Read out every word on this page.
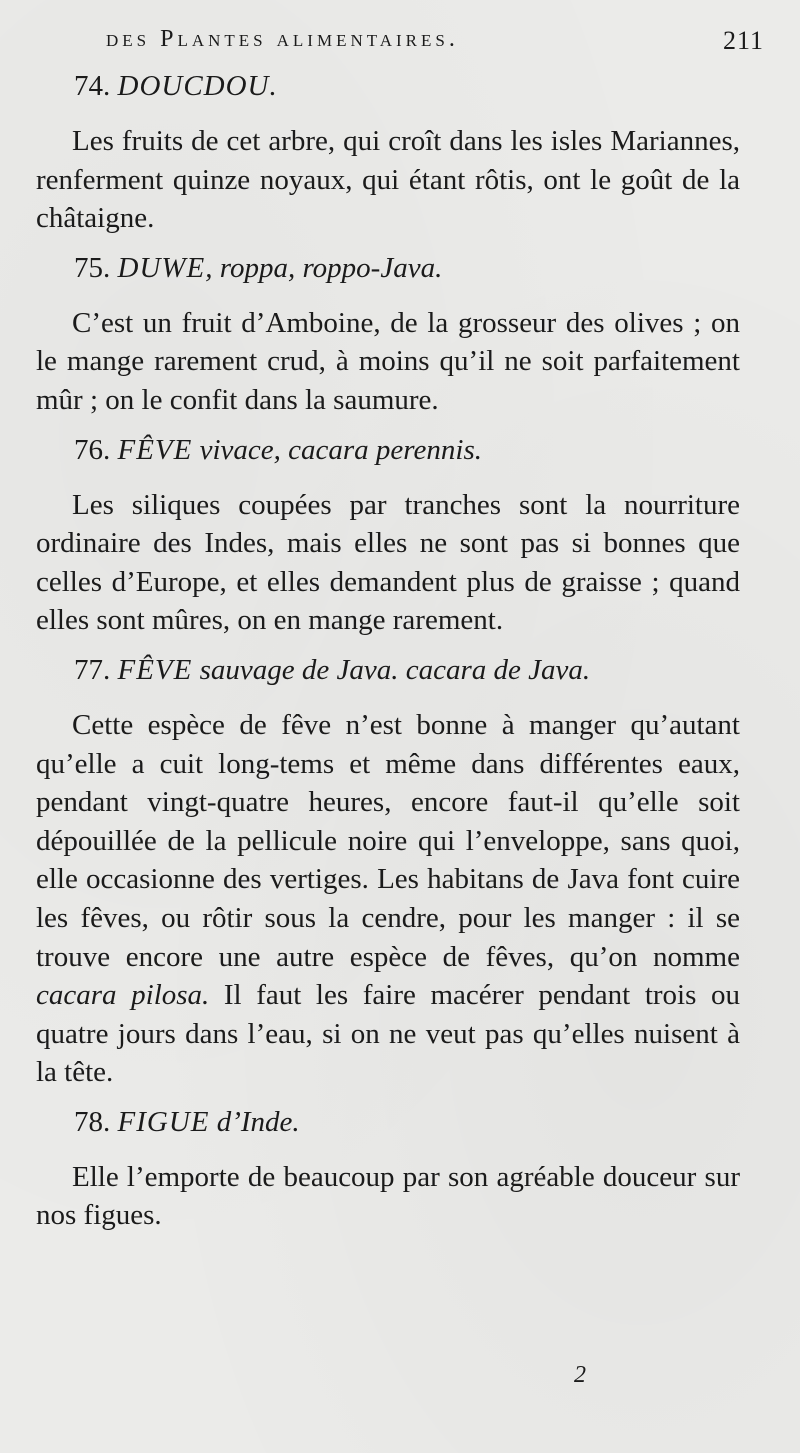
des Plantes alimentaires.	211
74. DOUCDOU.

Les fruits de cet arbre, qui croît dans les isles Mariannes, renferment quinze noyaux, qui étant rôtis, ont le goût de la châtaigne.

75. DUWE, roppa, roppo-Java.

C’est un fruit d’Amboine, de la grosseur des olives ; on le mange rarement crud, à moins qu’il ne soit parfaitement mûr ; on le confit dans la saumure.

76. FÊVE vivace, cacara perennis.

Les siliques coupées par tranches sont la nourriture ordinaire des Indes, mais elles ne sont pas si bonnes que celles d’Europe, et elles demandent plus de graisse ; quand elles sont mûres, on en mange rarement.

77. FÊVE sauvage de Java. cacara de Java.

Cette espèce de fêve n’est bonne à manger qu’autant qu’elle a cuit long-tems et même dans différentes eaux, pendant vingt-quatre heures, encore faut-il qu’elle soit dépouillée de la pellicule noire qui l’enveloppe, sans quoi, elle occasionne des vertiges. Les habitans de Java font cuire les fêves, ou rôtir sous la cendre, pour les manger : il se trouve encore une autre espèce de fêves, qu’on nomme cacara pilosa. Il faut les faire macérer pendant trois ou quatre jours dans l’eau, si on ne veut pas qu’elles nuisent à la tête.

78. FIGUE d’Inde.

Elle l’emporte de beaucoup par son agréable douceur sur nos figues.

2
